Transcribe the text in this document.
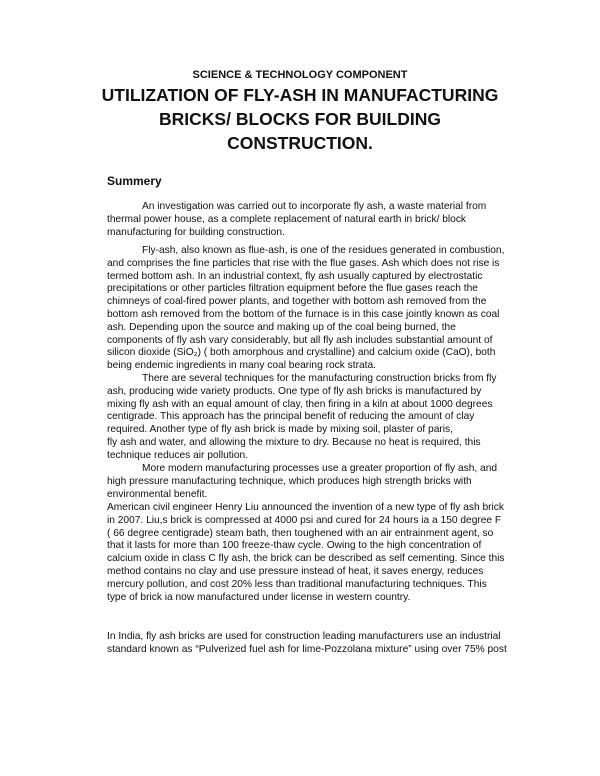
SCIENCE & TECHNOLOGY COMPONENT
UTILIZATION OF FLY-ASH IN MANUFACTURING
BRICKS/ BLOCKS FOR BUILDING
CONSTRUCTION.
Summery
An investigation was carried out to incorporate fly ash, a waste material from
thermal power house, as a complete replacement of natural earth in brick/ block
manufacturing for building construction.
Fly-ash, also known as flue-ash, is one of the residues generated in combustion,
and comprises the fine particles that rise with the flue gases. Ash which does not rise is
termed bottom ash. In an industrial context, fly ash usually captured by electrostatic
precipitations or other particles filtration equipment before the flue gases reach the
chimneys of coal-fired power plants, and together with bottom ash removed from the
bottom ash removed from the bottom of the furnace is in this case jointly known as coal
ash. Depending upon the source and making up of the coal being burned, the
components of fly ash vary considerably, but all fly ash includes substantial amount of
silicon dioxide (SiO₂) ( both amorphous and crystalline) and calcium oxide (CaO), both
being endemic ingredients in many coal bearing rock strata.
There are several techniques for the manufacturing construction bricks from fly
ash, producing wide variety products. One type of fly ash bricks is manufactured by
mixing fly ash with an equal amount of clay, then firing in a kiln at about 1000 degrees
centigrade. This approach has the principal benefit of reducing the amount of clay
required. Another type of fly ash brick is made by mixing soil, plaster of paris,
fly ash and water, and allowing the mixture to dry. Because no heat is required, this
technique reduces air pollution.
More modern manufacturing processes use a greater proportion of fly ash, and
high pressure manufacturing technique, which produces high strength bricks with
environmental benefit.
American civil engineer Henry Liu announced the invention of a new type of fly ash brick
in 2007. Liu,s brick is compressed at 4000 psi and cured for 24 hours ia a 150 degree F
( 66 degree centigrade) steam bath, then toughened with an air entrainment agent, so
that it lasts for more than 100 freeze-thaw cycle. Owing to the high concentration of
calcium oxide in class C fly ash, the brick can be described as self cementing. Since this
method contains no clay and use pressure instead of heat, it saves energy, reduces
mercury pollution, and cost 20% less than traditional manufacturing techniques. This
type of brick ia now manufactured under license in western country.
In India, fly ash bricks are used for construction leading manufacturers use an industrial
standard known as “Pulverized fuel ash for lime-Pozzolana mixture” using over 75% post
